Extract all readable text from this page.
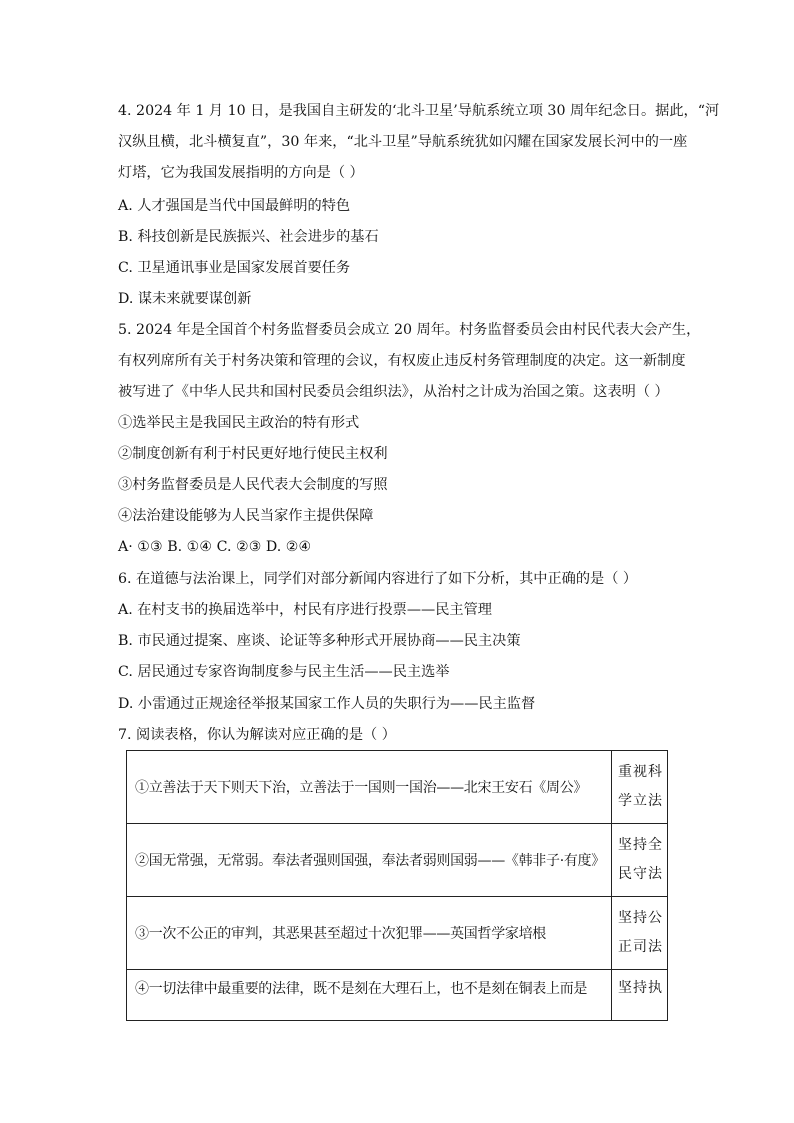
4. 2024 年 1 月 10 日，是我国自主研发的‘北斗卫星’导航系统立项 30 周年纪念日。据此，“河
汉纵且横，北斗横复直”，30 年来，“北斗卫星”导航系统犹如闪耀在国家发展长河中的一座
灯塔，它为我国发展指明的方向是（ ）
A. 人才强国是当代中国最鲜明的特色
B. 科技创新是民族振兴、社会进步的基石
C. 卫星通讯事业是国家发展首要任务
D. 谋未来就要谋创新
5. 2024 年是全国首个村务监督委员会成立 20 周年。村务监督委员会由村民代表大会产生，
有权列席所有关于村务决策和管理的会议，有权废止违反村务管理制度的决定。这一新制度
被写进了《中华人民共和国村民委员会组织法》，从治村之计成为治国之策。这表明（ ）
①选举民主是我国民主政治的特有形式
②制度创新有利于村民更好地行使民主权利
③村务监督委员是人民代表大会制度的写照
④法治建设能够为人民当家作主提供保障
A· ①③ B. ①④ C. ②③ D. ②④
6. 在道德与法治课上，同学们对部分新闻内容进行了如下分析，其中正确的是（ ）
A. 在村支书的换届选举中，村民有序进行投票——民主管理
B. 市民通过提案、座谈、论证等多种形式开展协商——民主决策
C. 居民通过专家咨询制度参与民主生活——民主选举
D. 小雷通过正规途径举报某国家工作人员的失职行为——民主监督
7. 阅读表格，你认为解读对应正确的是（ ）
①立善法于天下则天下治，立善法于一国则一国治——北宋王安石《周公》	重视科学立法
②国无常强，无常弱。奉法者强则国强，奉法者弱则国弱——《韩非子·有度》	坚持全民守法
③一次不公正的审判，其恶果甚至超过十次犯罪——英国哲学家培根	坚持公正司法
④一切法律中最重要的法律，既不是刻在大理石上，也不是刻在铜表上而是	坚持执
